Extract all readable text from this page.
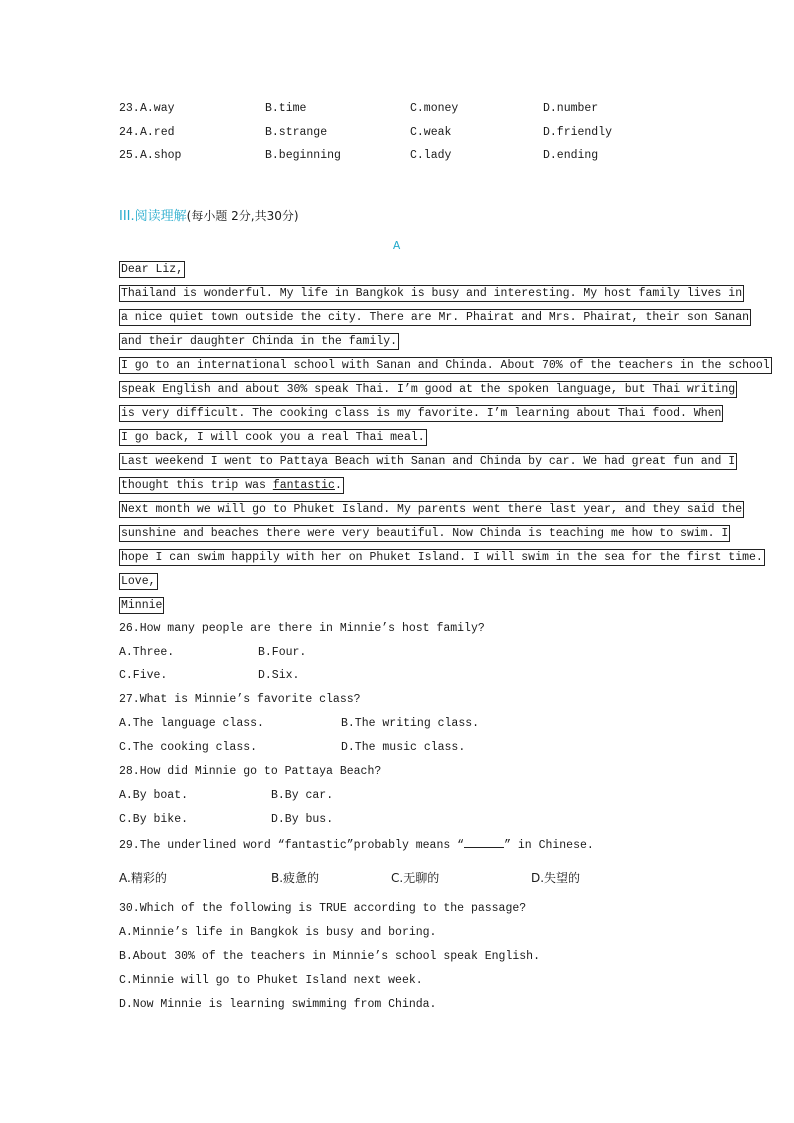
23. A.way	B.time	C.money	D.number
24. A.red	B.strange	C.weak	D.friendly
25. A.shop	B.beginning	C.lady	D.ending
III.阅读理解(每小题 2分,共30分)
A
Dear Liz,
Thailand is wonderful. My life in Bangkok is busy and interesting. My host family lives in
a nice quiet town outside the city. There are Mr. Phairat and Mrs. Phairat, their son Sanan
and their daughter Chinda in the family.
I go to an international school with Sanan and Chinda. About 70% of the teachers in the school
speak English and about 30% speak Thai. I’m good at the spoken language, but Thai writing
is very difficult. The cooking class is my favorite. I’m learning about Thai food. When
I go back, I will cook you a real Thai meal.
Last weekend I went to Pattaya Beach with Sanan and Chinda by car. We had great fun and I
thought this trip was fantastic.
Next month we will go to Phuket Island. My parents went there last year, and they said the
sunshine and beaches there were very beautiful. Now Chinda is teaching me how to swim. I
hope I can swim happily with her on Phuket Island. I will swim in the sea for the first time.
Love,
Minnie
26.How many people are there in Minnie’s host family?
A.Three.	B.Four.
C.Five.	D.Six.
27.What is Minnie’s favorite class?
A.The language class.	B.The writing class.
C.The cooking class.	D.The music class.
28.How did Minnie go to Pattaya Beach?
A.By boat.	B.By car.
C.By bike.	D.By bus.
29.The underlined word “fantastic”probably means “	” in Chinese.
A.精彩的	B.疲惫的	C.无聊的	D.失望的
30.Which of the following is TRUE according to the passage?
A.Minnie’s life in Bangkok is busy and boring.
B.About 30% of the teachers in Minnie’s school speak English.
C.Minnie will go to Phuket Island next week.
D.Now Minnie is learning swimming from Chinda.
